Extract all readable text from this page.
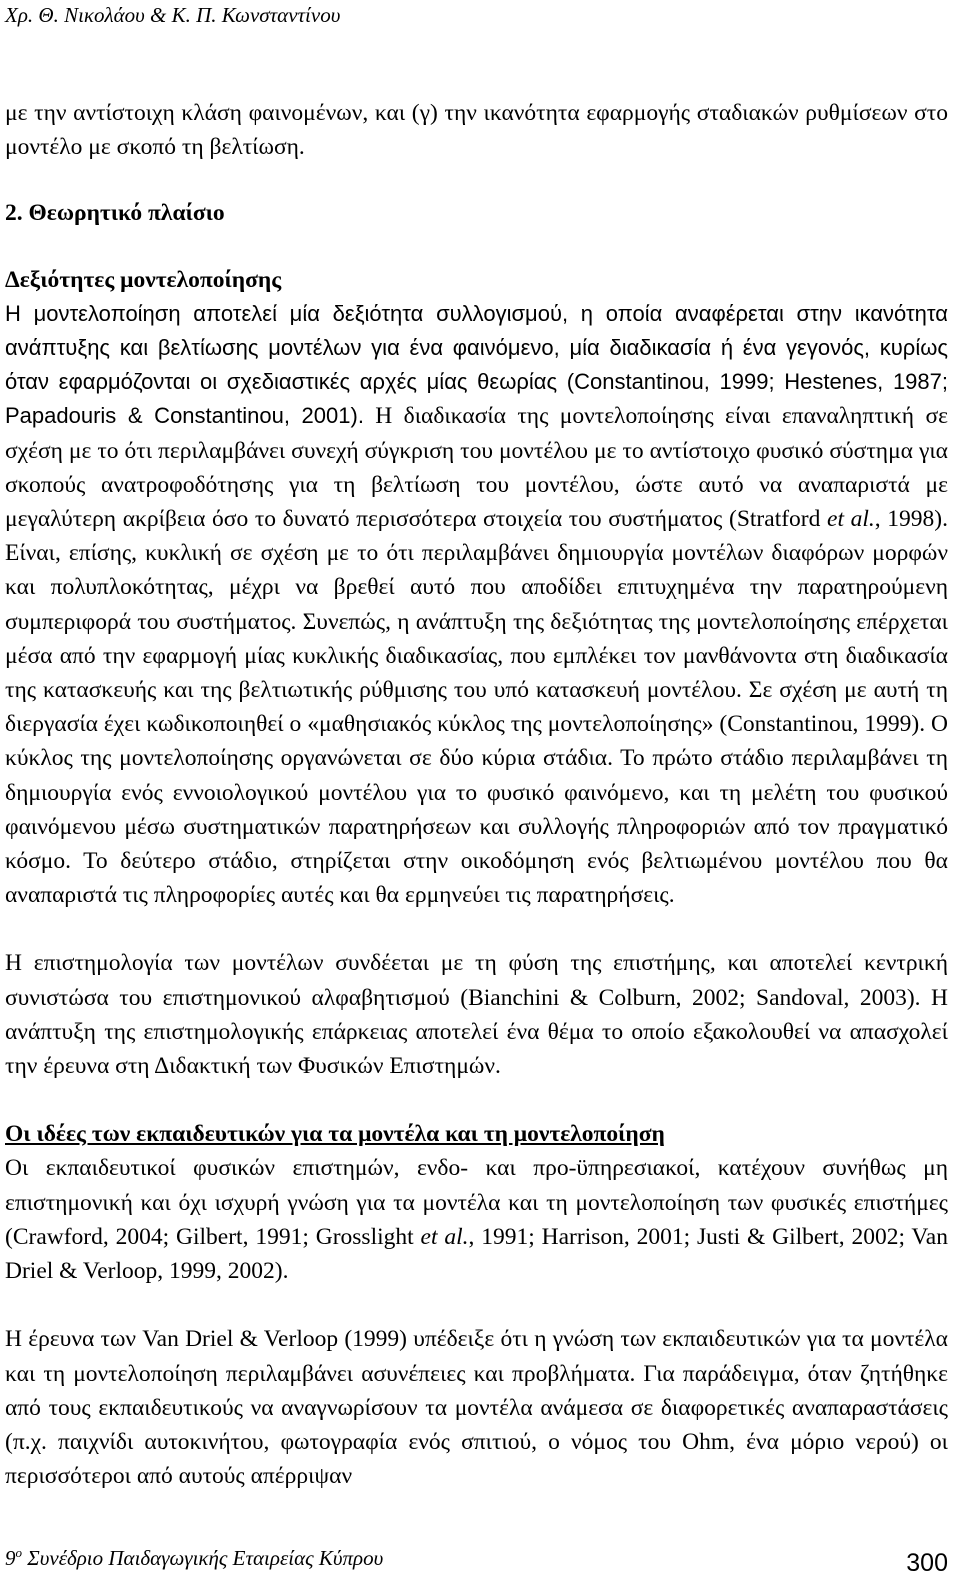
Χρ. Θ. Νικολάου & Κ. Π. Κωνσταντίνου

με την αντίστοιχη κλάση φαινομένων, και (γ) την ικανότητα εφαρμογής σταδιακών ρυθμίσεων στο μοντέλο με σκοπό τη βελτίωση.

2. Θεωρητικό πλαίσιο

Δεξιότητες μοντελοποίησης

Η μοντελοποίηση αποτελεί μία δεξιότητα συλλογισμού, η οποία αναφέρεται στην ικανότητα ανάπτυξης και βελτίωσης μοντέλων για ένα φαινόμενο, μία διαδικασία ή ένα γεγονός, κυρίως όταν εφαρμόζονται οι σχεδιαστικές αρχές μίας θεωρίας (Constantinou, 1999; Hestenes, 1987; Papadouris & Constantinou, 2001). Η διαδικασία της μοντελοποίησης είναι επαναληπτική σε σχέση με το ότι περιλαμβάνει συνεχή σύγκριση του μοντέλου με το αντίστοιχο φυσικό σύστημα για σκοπούς ανατροφοδότησης για τη βελτίωση του μοντέλου, ώστε αυτό να αναπαριστά με μεγαλύτερη ακρίβεια όσο το δυνατό περισσότερα στοιχεία του συστήματος (Stratford et al., 1998). Είναι, επίσης, κυκλική σε σχέση με το ότι περιλαμβάνει δημιουργία μοντέλων διαφόρων μορφών και πολυπλοκότητας, μέχρι να βρεθεί αυτό που αποδίδει επιτυχημένα την παρατηρούμενη συμπεριφορά του συστήματος. Συνεπώς, η ανάπτυξη της δεξιότητας της μοντελοποίησης επέρχεται μέσα από την εφαρμογή μίας κυκλικής διαδικασίας, που εμπλέκει τον μανθάνοντα στη διαδικασία της κατασκευής και της βελτιωτικής ρύθμισης του υπό κατασκευή μοντέλου. Σε σχέση με αυτή τη διεργασία έχει κωδικοποιηθεί ο «μαθησιακός κύκλος της μοντελοποίησης» (Constantinou, 1999). Ο κύκλος της μοντελοποίησης οργανώνεται σε δύο κύρια στάδια. Το πρώτο στάδιο περιλαμβάνει τη δημιουργία ενός εννοιολογικού μοντέλου για το φυσικό φαινόμενο, και τη μελέτη του φυσικού φαινόμενου μέσω συστηματικών παρατηρήσεων και συλλογής πληροφοριών από τον πραγματικό κόσμο. Το δεύτερο στάδιο, στηρίζεται στην οικοδόμηση ενός βελτιωμένου μοντέλου που θα αναπαριστά τις πληροφορίες αυτές και θα ερμηνεύει τις παρατηρήσεις.

Η επιστημολογία των μοντέλων συνδέεται με τη φύση της επιστήμης, και αποτελεί κεντρική συνιστώσα του επιστημονικού αλφαβητισμού (Bianchini & Colburn, 2002; Sandoval, 2003). Η ανάπτυξη της επιστημολογικής επάρκειας αποτελεί ένα θέμα το οποίο εξακολουθεί να απασχολεί την έρευνα στη Διδακτική των Φυσικών Επιστημών.

Οι ιδέες των εκπαιδευτικών για τα μοντέλα και τη μοντελοποίηση

Οι εκπαιδευτικοί φυσικών επιστημών, ενδο- και προ-ϋπηρεσιακοί, κατέχουν συνήθως μη επιστημονική και όχι ισχυρή γνώση για τα μοντέλα και τη μοντελοποίηση των φυσικές επιστήμες (Crawford, 2004; Gilbert, 1991; Grosslight et al., 1991; Harrison, 2001; Justi & Gilbert, 2002; Van Driel & Verloop, 1999, 2002).

Η έρευνα των Van Driel & Verloop (1999) υπέδειξε ότι η γνώση των εκπαιδευτικών για τα μοντέλα και τη μοντελοποίηση περιλαμβάνει ασυνέπειες και προβλήματα. Για παράδειγμα, όταν ζητήθηκε από τους εκπαιδευτικούς να αναγνωρίσουν τα μοντέλα ανάμεσα σε διαφορετικές αναπαραστάσεις (π.χ. παιχνίδι αυτοκινήτου, φωτογραφία ενός σπιτιού, ο νόμος του Ohm, ένα μόριο νερού) οι περισσότεροι από αυτούς απέρριψαν

$9^o$ Συνέδριο Παιδαγωγικής Εταιρείας Κύπρου	300
